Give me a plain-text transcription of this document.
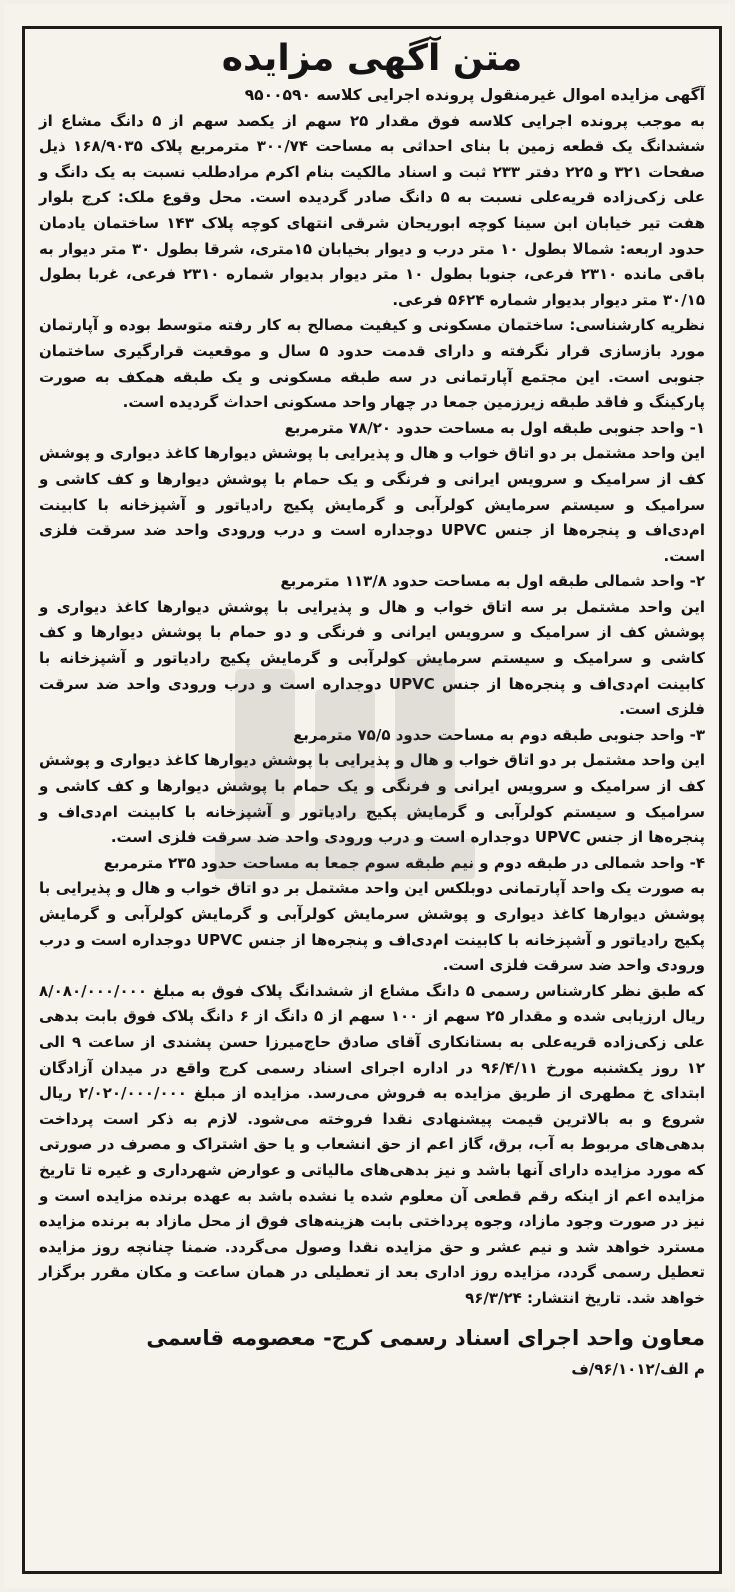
متن آگهی مزایده

آگهی مزایده اموال غیرمنقول پرونده اجرایی کلاسه ۹۵۰۰۵۹۰

به موجب پرونده اجرایی کلاسه فوق مقدار ۲۵ سهم از یکصد سهم از ۵ دانگ مشاع از ششدانگ یک قطعه زمین با بنای احداثی به مساحت ۳۰۰/۷۴ مترمربع پلاک ۱۶۸/۹۰۳۵ ذیل صفحات ۳۲۱ و ۲۲۵ دفتر ۲۳۳ ثبت و اسناد مالکیت بنام اکرم مرادطلب نسبت به یک دانگ و علی زکی‌زاده قریه‌علی نسبت به ۵ دانگ صادر گردیده است. محل وقوع ملک: کرج بلوار هفت تیر خیابان ابن سینا کوچه ابوریحان شرقی انتهای کوچه پلاک ۱۴۳ ساختمان یادمان حدود اربعه: شمالا بطول ۱۰ متر درب و دیوار بخیابان ۱۵متری، شرقا بطول ۳۰ متر دیوار به باقی مانده ۲۳۱۰ فرعی، جنوبا بطول ۱۰ متر دیوار بدیوار شماره ۲۳۱۰ فرعی، غربا بطول ۳۰/۱۵ متر دیوار بدیوار شماره ۵۶۲۴ فرعی.

نظریه کارشناسی: ساختمان مسکونی و کیفیت مصالح به کار رفته متوسط بوده و آپارتمان مورد بازسازی قرار نگرفته و دارای قدمت حدود ۵ سال و موقعیت قرارگیری ساختمان جنوبی است. این مجتمع آپارتمانی در سه طبقه مسکونی و یک طبقه همکف به صورت پارکینگ و فاقد طبقه زیرزمین جمعا در چهار واحد مسکونی احداث گردیده است.

۱- واحد جنوبی طبقه اول به مساحت حدود ۷۸/۲۰ مترمربع

این واحد مشتمل بر دو اتاق خواب و هال و پذیرایی با پوشش دیوارها کاغذ دیواری و پوشش کف از سرامیک و سرویس ایرانی و فرنگی و یک حمام با پوشش دیوارها و کف کاشی و سرامیک و سیستم سرمایش کولرآبی و گرمایش پکیج رادیاتور و آشپزخانه با کابینت ام‌دی‌اف و پنجره‌ها از جنس UPVC دوجداره است و درب ورودی واحد ضد سرقت فلزی است.

۲- واحد شمالی طبقه اول به مساحت حدود ۱۱۳/۸ مترمربع

این واحد مشتمل بر سه اتاق خواب و هال و پذیرایی با پوشش دیوارها کاغذ دیواری و پوشش کف از سرامیک و سرویس ایرانی و فرنگی و دو حمام با پوشش دیوارها و کف کاشی و سرامیک و سیستم سرمایش کولرآبی و گرمایش پکیج رادیاتور و آشپزخانه با کابینت ام‌دی‌اف و پنجره‌ها از جنس UPVC دوجداره است و درب ورودی واحد ضد سرقت فلزی است.

۳- واحد جنوبی طبقه دوم به مساحت حدود ۷۵/۵ مترمربع

این واحد مشتمل بر دو اتاق خواب و هال و پذیرایی با پوشش دیوارها کاغذ دیواری و پوشش کف از سرامیک و سرویس ایرانی و فرنگی و یک حمام با پوشش دیوارها و کف کاشی و سرامیک و سیستم کولرآبی و گرمایش پکیج رادیاتور و آشپزخانه با کابینت ام‌دی‌اف و پنجره‌ها از جنس UPVC دوجداره است و درب ورودی واحد ضد سرقت فلزی است.

۴- واحد شمالی در طبقه دوم و نیم طبقه سوم جمعا به مساحت حدود ۲۳۵ مترمربع

به صورت یک واحد آپارتمانی دوبلکس این واحد مشتمل بر دو اتاق خواب و هال و پذیرایی با پوشش دیوارها کاغذ دیواری و پوشش سرمایش کولرآبی و گرمایش کولرآبی و گرمایش پکیج رادیاتور و آشپزخانه با کابینت ام‌دی‌اف و پنجره‌ها از جنس UPVC دوجداره است و درب ورودی واحد ضد سرقت فلزی است.

که طبق نظر کارشناس رسمی ۵ دانگ مشاع از ششدانگ پلاک فوق به مبلغ ۸/۰۸۰/۰۰۰/۰۰۰ ریال ارزیابی شده و مقدار ۲۵ سهم از ۱۰۰ سهم از ۵ دانگ از ۶ دانگ پلاک فوق بابت بدهی علی زکی‌زاده قریه‌علی به بستانکاری آقای صادق حاج‌میرزا حسن پشندی از ساعت ۹ الی ۱۲ روز یکشنبه مورخ ۹۶/۴/۱۱ در اداره اجرای اسناد رسمی کرج واقع در میدان آزادگان ابتدای خ مطهری از طریق مزایده به فروش می‌رسد. مزایده از مبلغ ۲/۰۲۰/۰۰۰/۰۰۰ ریال شروع و به بالاترین قیمت پیشنهادی نقدا فروخته می‌شود. لازم به ذکر است پرداخت بدهی‌های مربوط به آب، برق، گاز اعم از حق انشعاب و یا حق اشتراک و مصرف در صورتی که مورد مزایده دارای آنها باشد و نیز بدهی‌های مالیاتی و عوارض شهرداری و غیره تا تاریخ مزایده اعم از اینکه رقم قطعی آن معلوم شده یا نشده باشد به عهده برنده مزایده است و نیز در صورت وجود مازاد، وجوه پرداختی بابت هزینه‌های فوق از محل مازاد به برنده مزایده مسترد خواهد شد و نیم عشر و حق مزایده نقدا وصول می‌گردد. ضمنا چنانچه روز مزایده تعطیل رسمی گردد، مزایده روز اداری بعد از تعطیلی در همان ساعت و مکان مقرر برگزار خواهد شد. تاریخ انتشار: ۹۶/۳/۲۴

معاون واحد اجرای اسناد رسمی کرج- معصومه قاسمی
م الف/۹۶/۱۰۱۲/ف
